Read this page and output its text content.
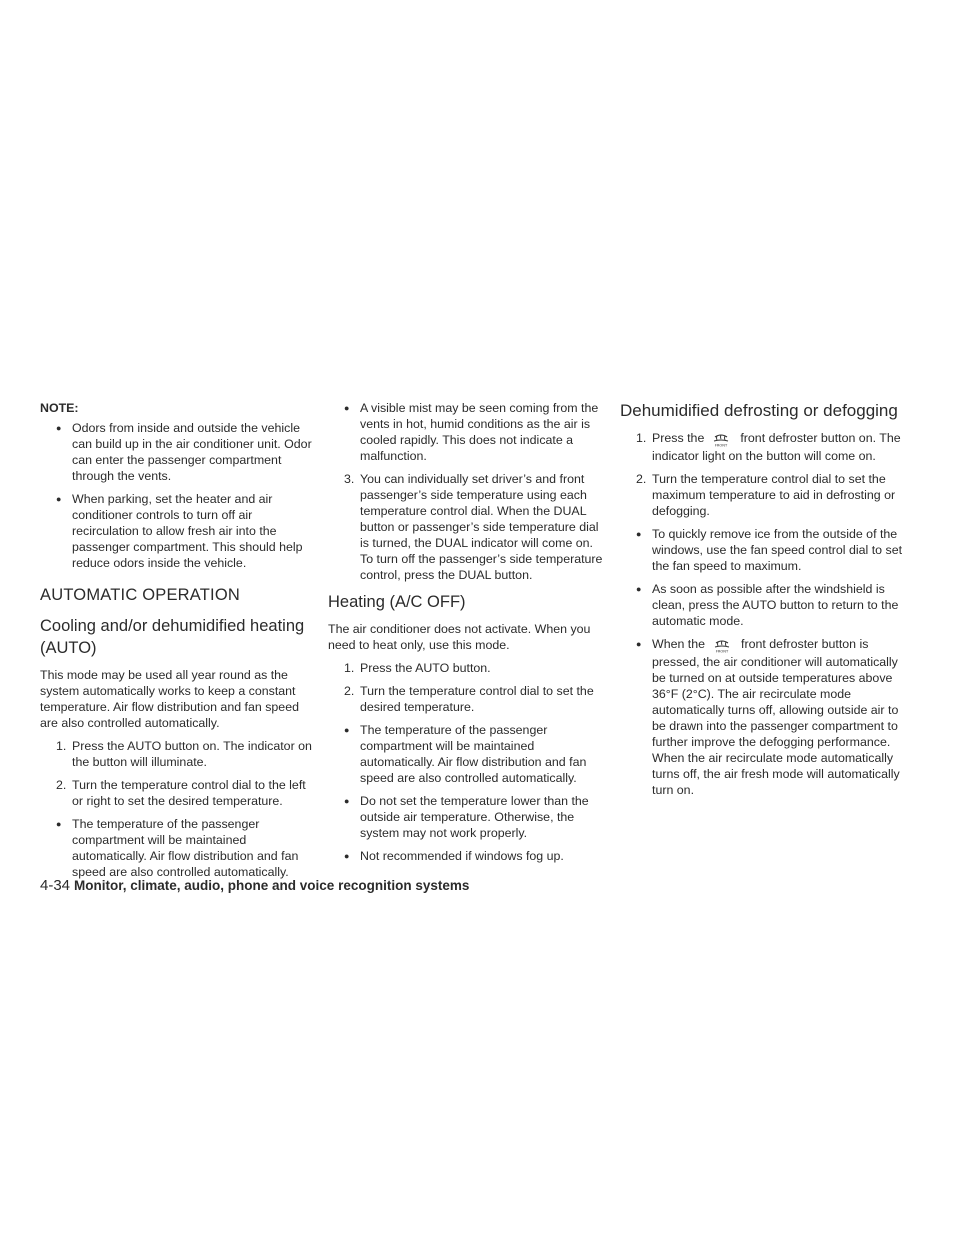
NOTE:
● Odors from inside and outside the vehicle can build up in the air conditioner unit. Odor can enter the passenger compartment through the vents.
● When parking, set the heater and air conditioner controls to turn off air recirculation to allow fresh air into the passenger compartment. This should help reduce odors inside the vehicle.
AUTOMATIC OPERATION
Cooling and/or dehumidified heating (AUTO)

This mode may be used all year round as the system automatically works to keep a constant temperature. Air flow distribution and fan speed are also controlled automatically.

1. Press the AUTO button on. The indicator on the button will illuminate.
2. Turn the temperature control dial to the left or right to set the desired temperature.
● The temperature of the passenger compartment will be maintained automatically. Air flow distribution and fan speed are also controlled automatically.
● A visible mist may be seen coming from the vents in hot, humid conditions as the air is cooled rapidly. This does not indicate a malfunction.
3. You can individually set driver’s and front passenger’s side temperature using each temperature control dial. When the DUAL button or passenger’s side temperature dial is turned, the DUAL indicator will come on. To turn off the passenger’s side temperature control, press the DUAL button.
Heating (A/C OFF)

The air conditioner does not activate. When you need to heat only, use this mode.

1. Press the AUTO button.
2. Turn the temperature control dial to set the desired temperature.
● The temperature of the passenger compartment will be maintained automatically. Air flow distribution and fan speed are also controlled automatically.
● Do not set the temperature lower than the outside air temperature. Otherwise, the system may not work properly.
● Not recommended if windows fog up.
Dehumidified defrosting or defogging
1. Press the
FRONT
front defroster button on. The indicator light on the button will come on.
2. Turn the temperature control dial to set the maximum temperature to aid in defrosting or defogging.
● To quickly remove ice from the outside of the windows, use the fan speed control dial to set the fan speed to maximum.
● As soon as possible after the windshield is clean, press the AUTO button to return to the automatic mode.
● When the
FRONT
front defroster button is pressed, the air conditioner will automatically be turned on at outside temperatures above 36°F (2°C). The air recirculate mode automatically turns off, allowing outside air to be drawn into the passenger compartment to further improve the defogging performance. When the air recirculate mode automatically turns off, the air fresh mode will automatically turn on.
4-34 Monitor, climate, audio, phone and voice recognition systems
